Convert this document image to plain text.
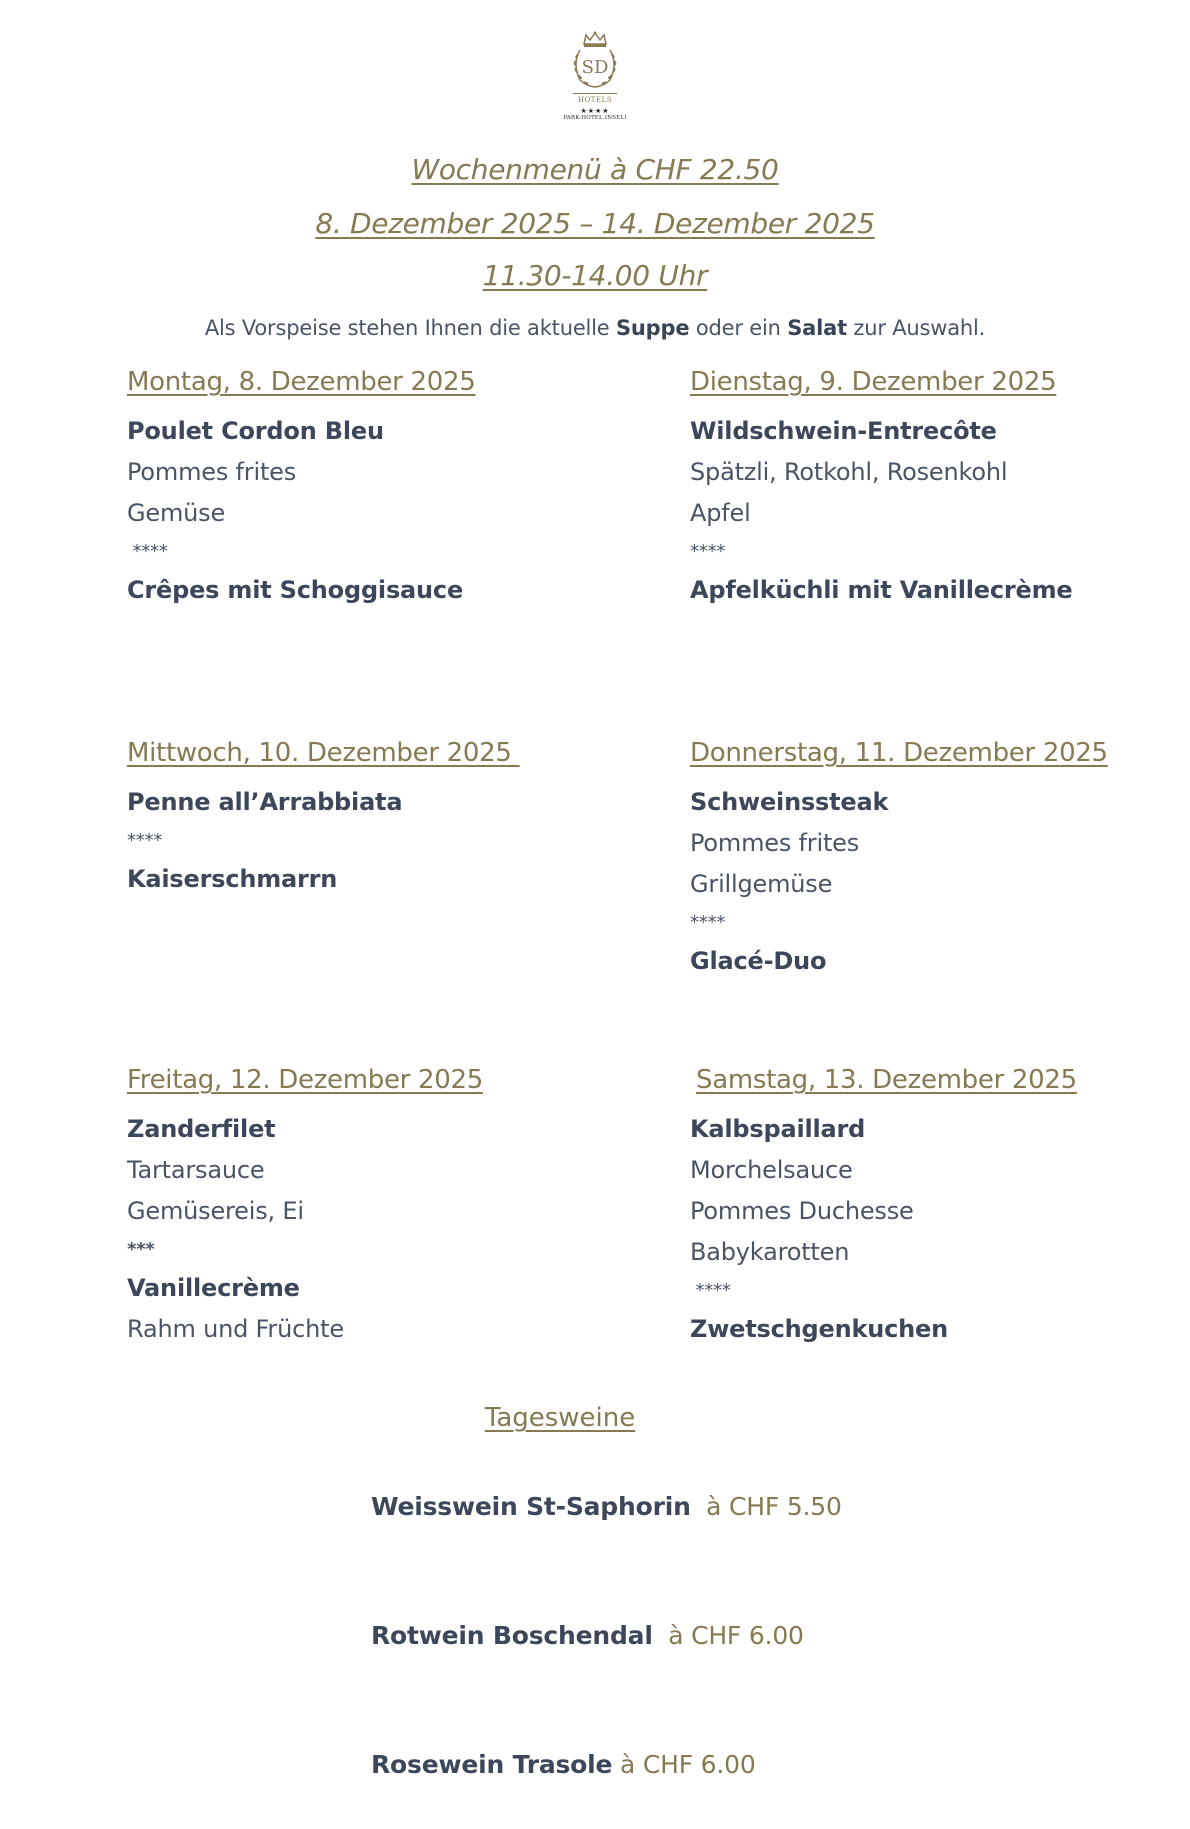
SD
HOTELS
★★★★
PARK-HOTEL INSELI
Wochenmenü à CHF 22.50
8. Dezember 2025 – 14. Dezember 2025
11.30-14.00 Uhr
Als Vorspeise stehen Ihnen die aktuelle Suppe oder ein Salat zur Auswahl.
Montag, 8. Dezember 2025
Poulet Cordon Bleu
Pommes frites
Gemüse
****
Crêpes mit Schoggisauce
Dienstag, 9. Dezember 2025
Wildschwein-Entrecôte
Spätzli, Rotkohl, Rosenkohl
Apfel
****
Apfelküchli mit Vanillecrème
Mittwoch, 10. Dezember 2025
Penne all’Arrabbiata
****
Kaiserschmarrn
Donnerstag, 11. Dezember 2025
Schweinssteak
Pommes frites
Grillgemüse
****
Glacé-Duo
Freitag, 12. Dezember 2025
Zanderfilet
Tartarsauce
Gemüsereis, Ei
***
Vanillecrème
Rahm und Früchte
Samstag, 13. Dezember 2025
Kalbspaillard
Morchelsauce
Pommes Duchesse
Babykarotten
****
Zwetschgenkuchen
Tagesweine

Weisswein St-Saphorin  à CHF 5.50

Rotwein Boschendal  à CHF 6.00

Rosewein Trasole à CHF 6.00
